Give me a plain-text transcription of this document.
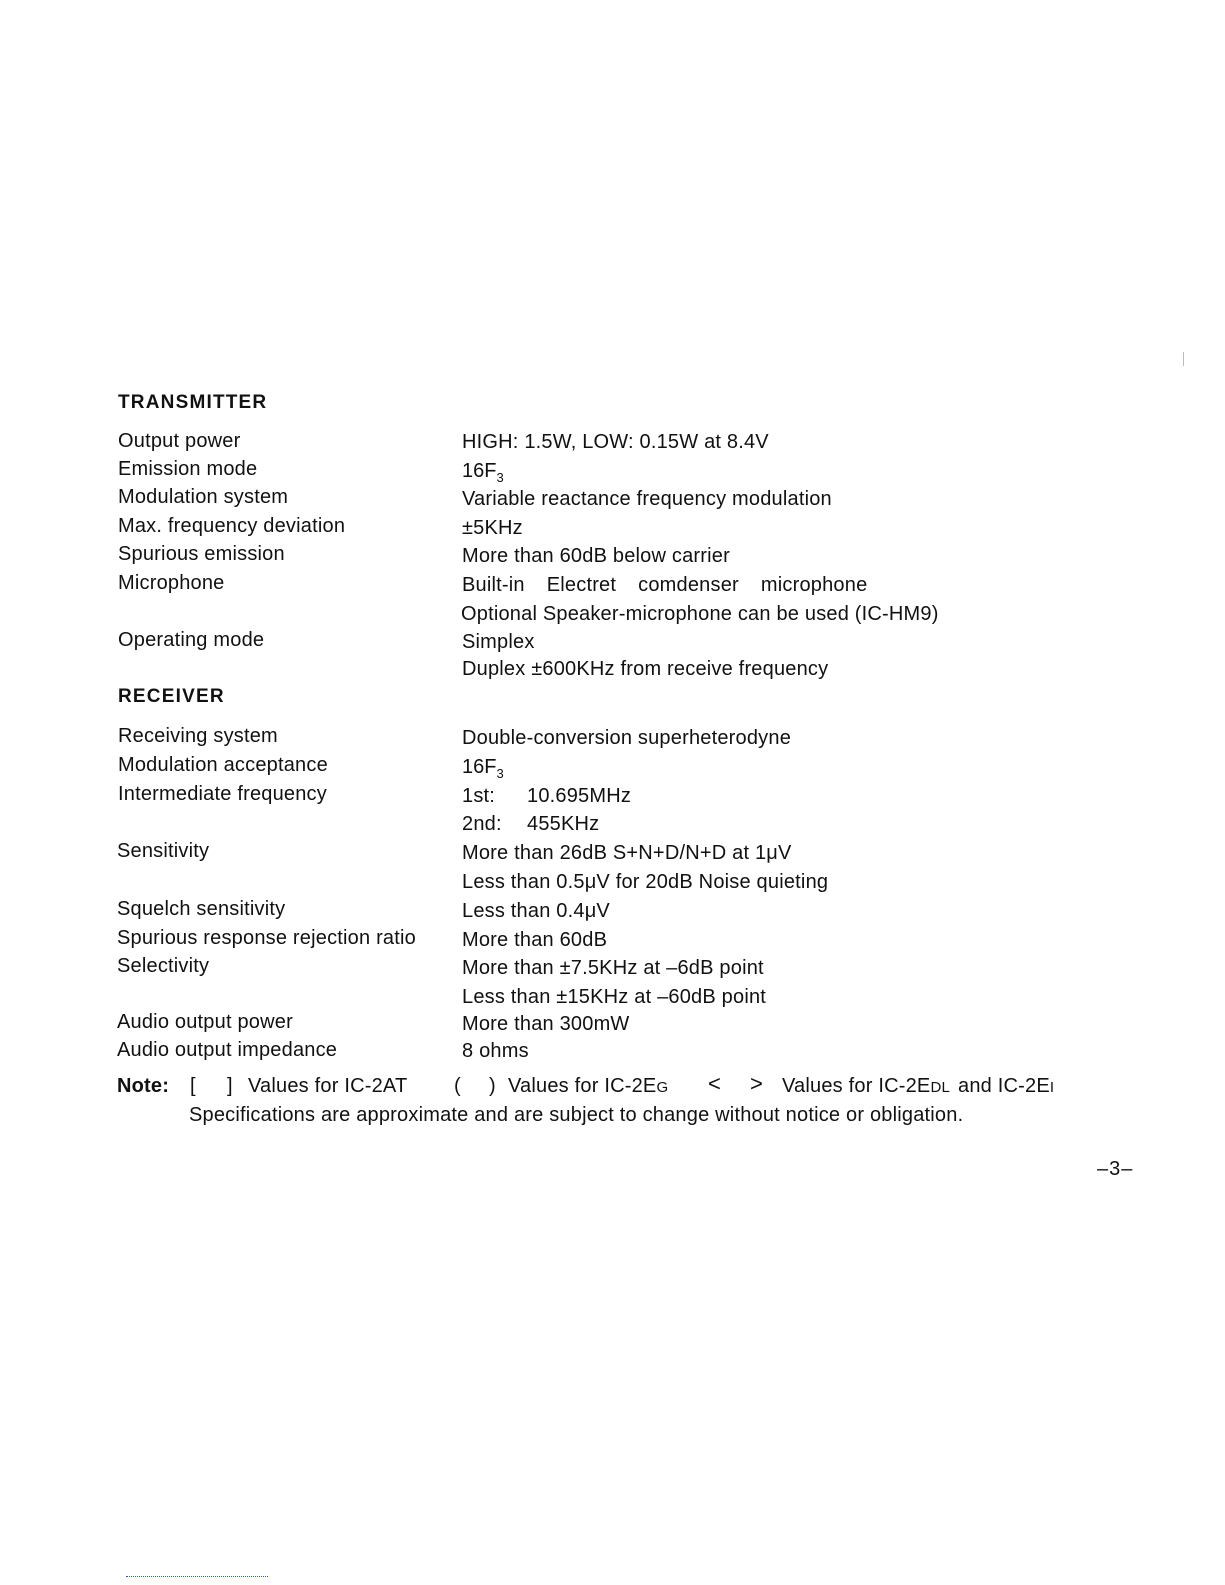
TRANSMITTER
Output power	HIGH: 1.5W, LOW: 0.15W at 8.4V
Emission mode	$16F_3$
Modulation system	Variable reactance frequency modulation
Max. frequency deviation	±5KHz
Spurious emission	More than 60dB below carrier
Microphone	Built-in Electret comdenser microphone
Optional Speaker-microphone can be used (IC-HM9)
Operating mode	Simplex
Duplex ±600KHz from receive frequency
RECEIVER
Receiving system	Double-conversion superheterodyne
Modulation acceptance	$16F_3$
Intermediate frequency	1st: 10.695MHz
2nd: 455KHz
Sensitivity	More than 26dB S+N+D/N+D at 1μV
Less than 0.5μV for 20dB Noise quieting
Squelch sensitivity	Less than 0.4μV
Spurious response rejection ratio More than 60dB
Selectivity	More than ±7.5KHz at –6dB point
Less than ±15KHz at –60dB point
Audio output power	More than 300mW
Audio output impedance	8 ohms
Note: [ ] Values for IC-2AT ( ) Values for IC-2EG < > Values for IC-2EDL and IC-2EI
Specifications are approximate and are subject to change without notice or obligation.
–3–
